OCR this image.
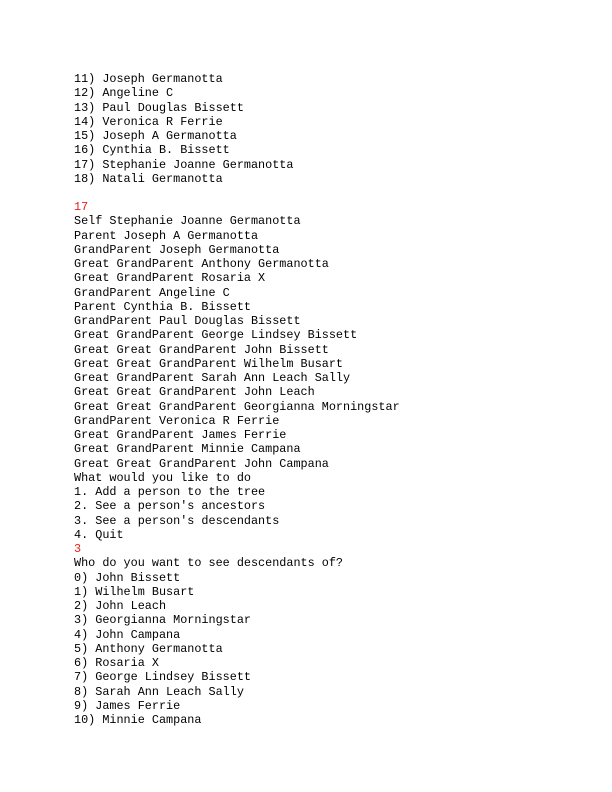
11) Joseph Germanotta
12) Angeline C
13) Paul Douglas Bissett
14) Veronica R Ferrie
15) Joseph A Germanotta
16) Cynthia B. Bissett
17) Stephanie Joanne Germanotta
18) Natali Germanotta
17
Self Stephanie Joanne Germanotta
Parent Joseph A Germanotta
GrandParent Joseph Germanotta
Great GrandParent Anthony Germanotta
Great GrandParent Rosaria X
GrandParent Angeline C
Parent Cynthia B. Bissett
GrandParent Paul Douglas Bissett
Great GrandParent George Lindsey Bissett
Great Great GrandParent John Bissett
Great Great GrandParent Wilhelm Busart
Great GrandParent Sarah Ann Leach Sally
Great Great GrandParent John Leach
Great Great GrandParent Georgianna Morningstar
GrandParent Veronica R Ferrie
Great GrandParent James Ferrie
Great GrandParent Minnie Campana
Great Great GrandParent John Campana
What would you like to do
1. Add a person to the tree
2. See a person's ancestors
3. See a person's descendants
4. Quit
3
Who do you want to see descendants of?
0) John Bissett
1) Wilhelm Busart
2) John Leach
3) Georgianna Morningstar
4) John Campana
5) Anthony Germanotta
6) Rosaria X
7) George Lindsey Bissett
8) Sarah Ann Leach Sally
9) James Ferrie
10) Minnie Campana
